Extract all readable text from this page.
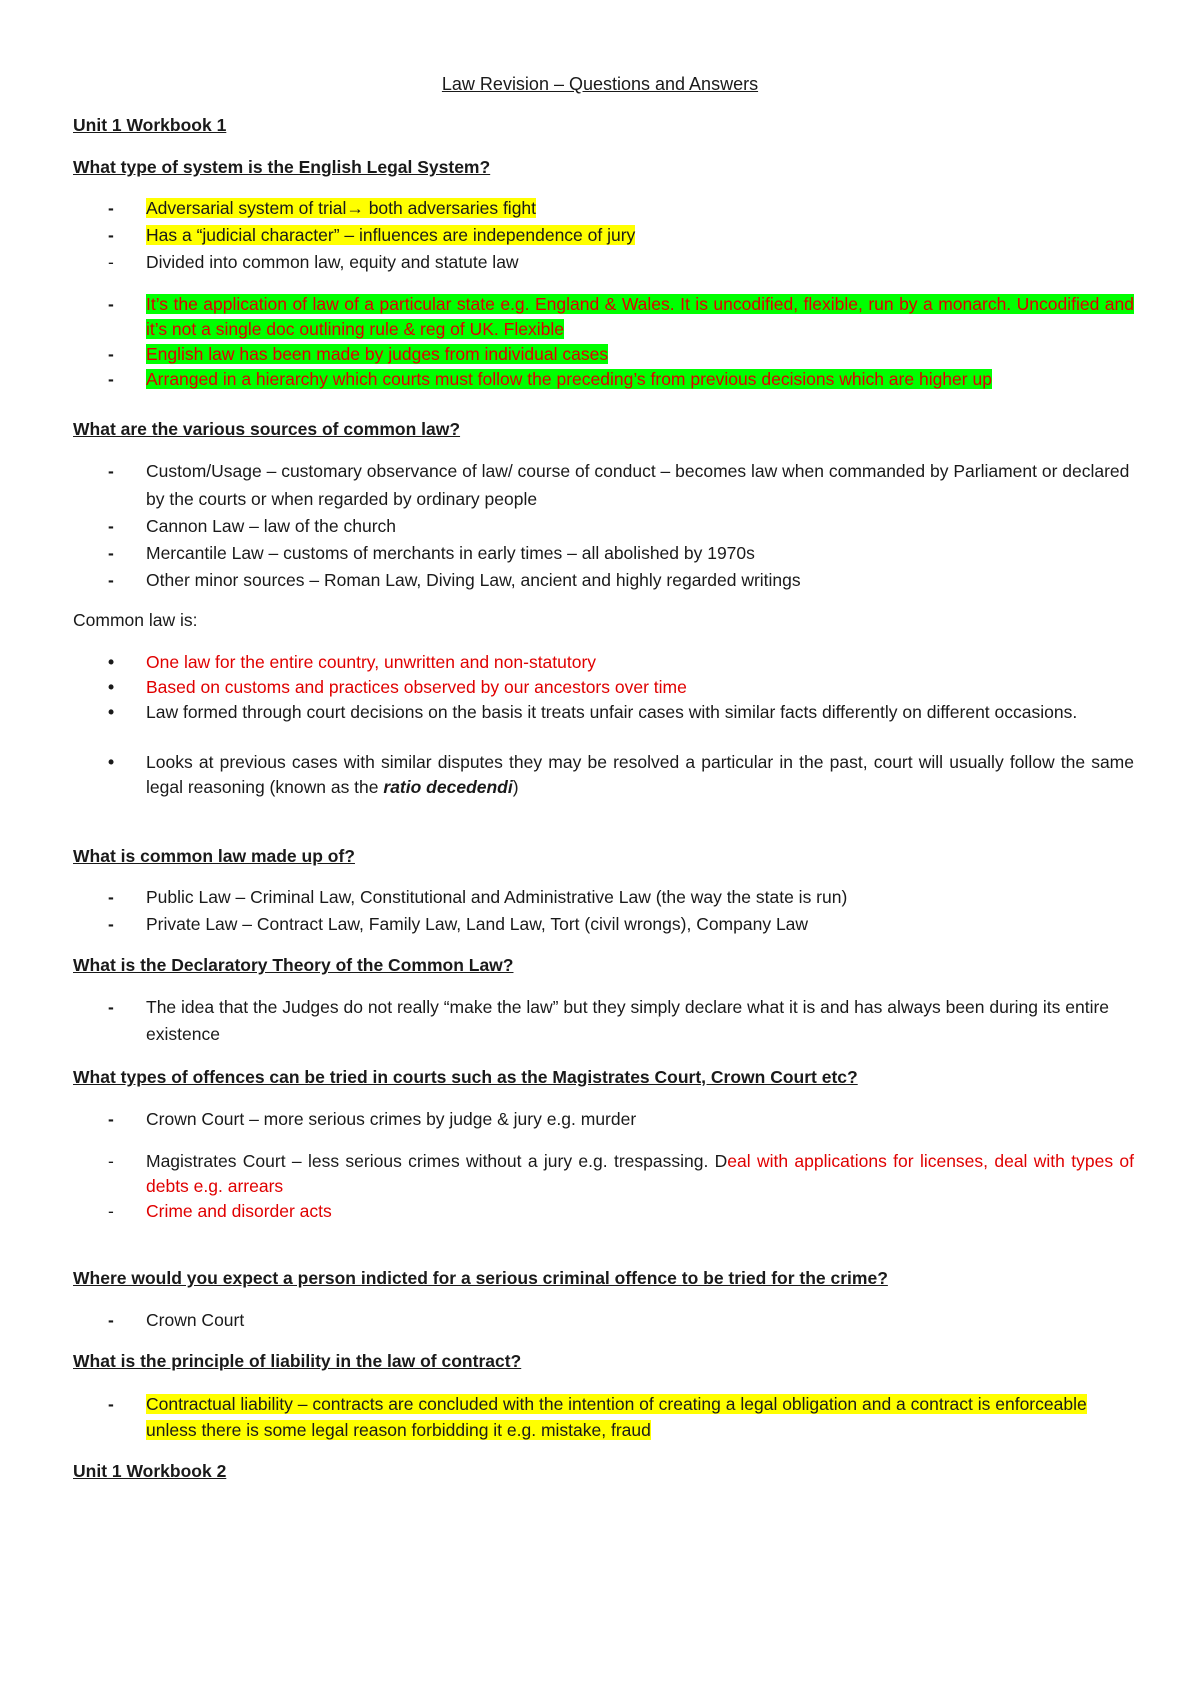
Law Revision – Questions and Answers
Unit 1 Workbook 1
What type of system is the English Legal System?
-	Adversarial system of trial→ both adversaries fight
-	Has a “judicial character” – influences are independence of jury
-	Divided into common law, equity and statute law
-	It’s the application of law of a particular state e.g. England & Wales. It is uncodified, flexible, run by a monarch. Uncodified and it’s not a single doc outlining rule & reg of UK. Flexible
-	English law has been made by judges from individual cases
-	Arranged in a hierarchy which courts must follow the preceding’s from previous decisions which are higher up
What are the various sources of common law?
-	Custom/Usage – customary observance of law/ course of conduct – becomes law when commanded by Parliament or declared by the courts or when regarded by ordinary people
-	Cannon Law – law of the church
-	Mercantile Law – customs of merchants in early times – all abolished by 1970s
-	Other minor sources – Roman Law, Diving Law, ancient and highly regarded writings
Common law is:
•	One law for the entire country, unwritten and non-statutory
•	Based on customs and practices observed by our ancestors over time
•	Law formed through court decisions on the basis it treats unfair cases with similar facts differently on different occasions.
•	Looks at previous cases with similar disputes they may be resolved a particular in the past, court will usually follow the same legal reasoning (known as the ratio decedendi)
What is common law made up of?
-	Public Law – Criminal Law, Constitutional and Administrative Law (the way the state is run)
-	Private Law – Contract Law, Family Law, Land Law, Tort (civil wrongs), Company Law
What is the Declaratory Theory of the Common Law?
-	The idea that the Judges do not really “make the law” but they simply declare what it is and has always been during its entire existence
What types of offences can be tried in courts such as the Magistrates Court, Crown Court etc?
-	Crown Court – more serious crimes by judge & jury e.g. murder
-	Magistrates Court – less serious crimes without a jury e.g. trespassing. Deal with applications for licenses, deal with types of debts e.g. arrears
-	Crime and disorder acts
Where would you expect a person indicted for a serious criminal offence to be tried for the crime?
-	Crown Court
What is the principle of liability in the law of contract?
-	Contractual liability – contracts are concluded with the intention of creating a legal obligation and a contract is enforceable unless there is some legal reason forbidding it e.g. mistake, fraud
Unit 1 Workbook 2
